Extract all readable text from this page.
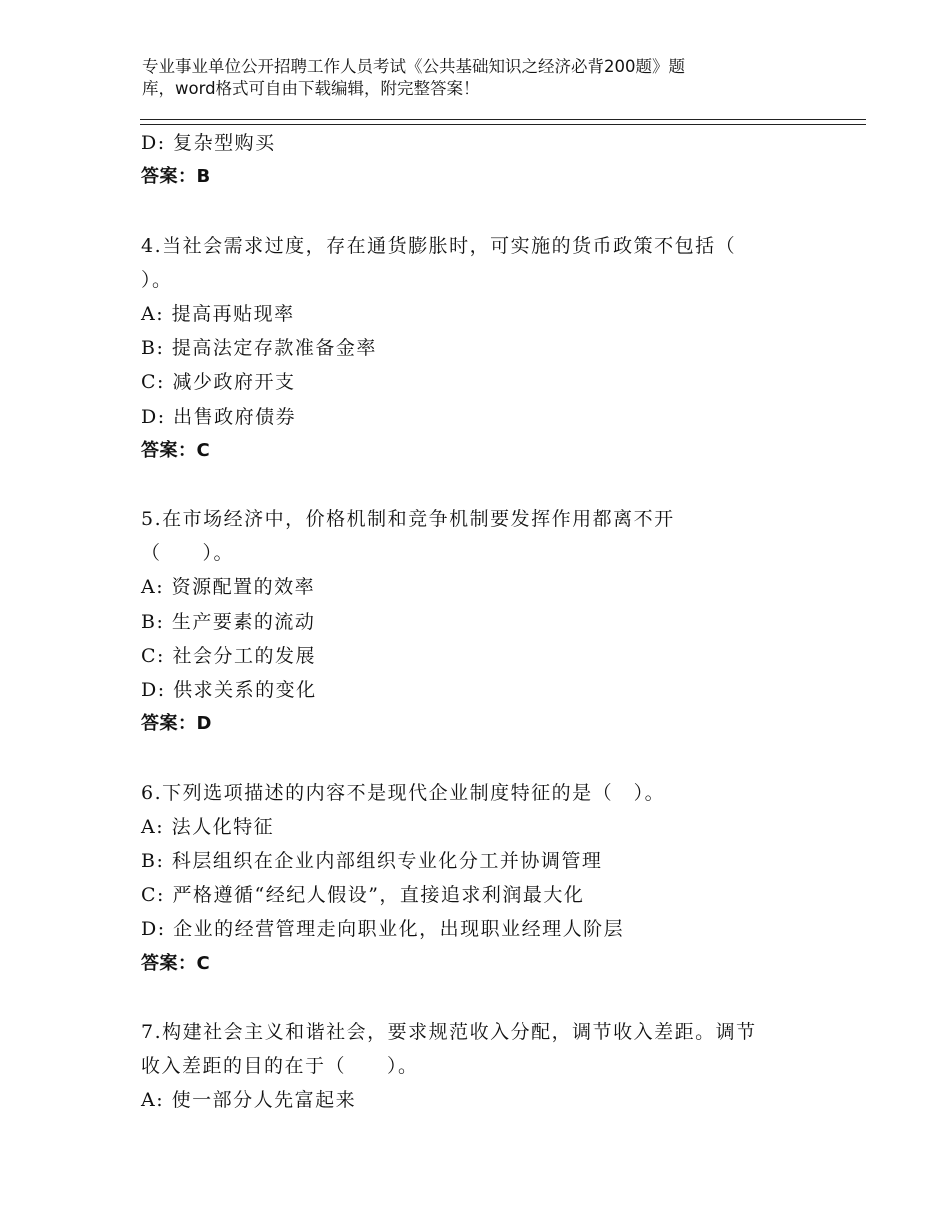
专业事业单位公开招聘工作人员考试《公共基础知识之经济必背200题》题
库，word格式可自由下载编辑，附完整答案！
D: 复杂型购买
答案：B
4.当社会需求过度，存在通货膨胀时，可实施的货币政策不包括（
）。
A: 提高再贴现率
B: 提高法定存款准备金率
C: 减少政府开支
D: 出售政府债券
答案：C
5.在市场经济中，价格机制和竞争机制要发挥作用都离不开
（　　）。
A: 资源配置的效率
B: 生产要素的流动
C: 社会分工的发展
D: 供求关系的变化
答案：D
6.下列选项描述的内容不是现代企业制度特征的是（　）。
A: 法人化特征
B: 科层组织在企业内部组织专业化分工并协调管理
C: 严格遵循“经纪人假设”，直接追求利润最大化
D: 企业的经营管理走向职业化，出现职业经理人阶层
答案：C
7.构建社会主义和谐社会，要求规范收入分配，调节收入差距。调节
收入差距的目的在于（　　）。
A: 使一部分人先富起来
